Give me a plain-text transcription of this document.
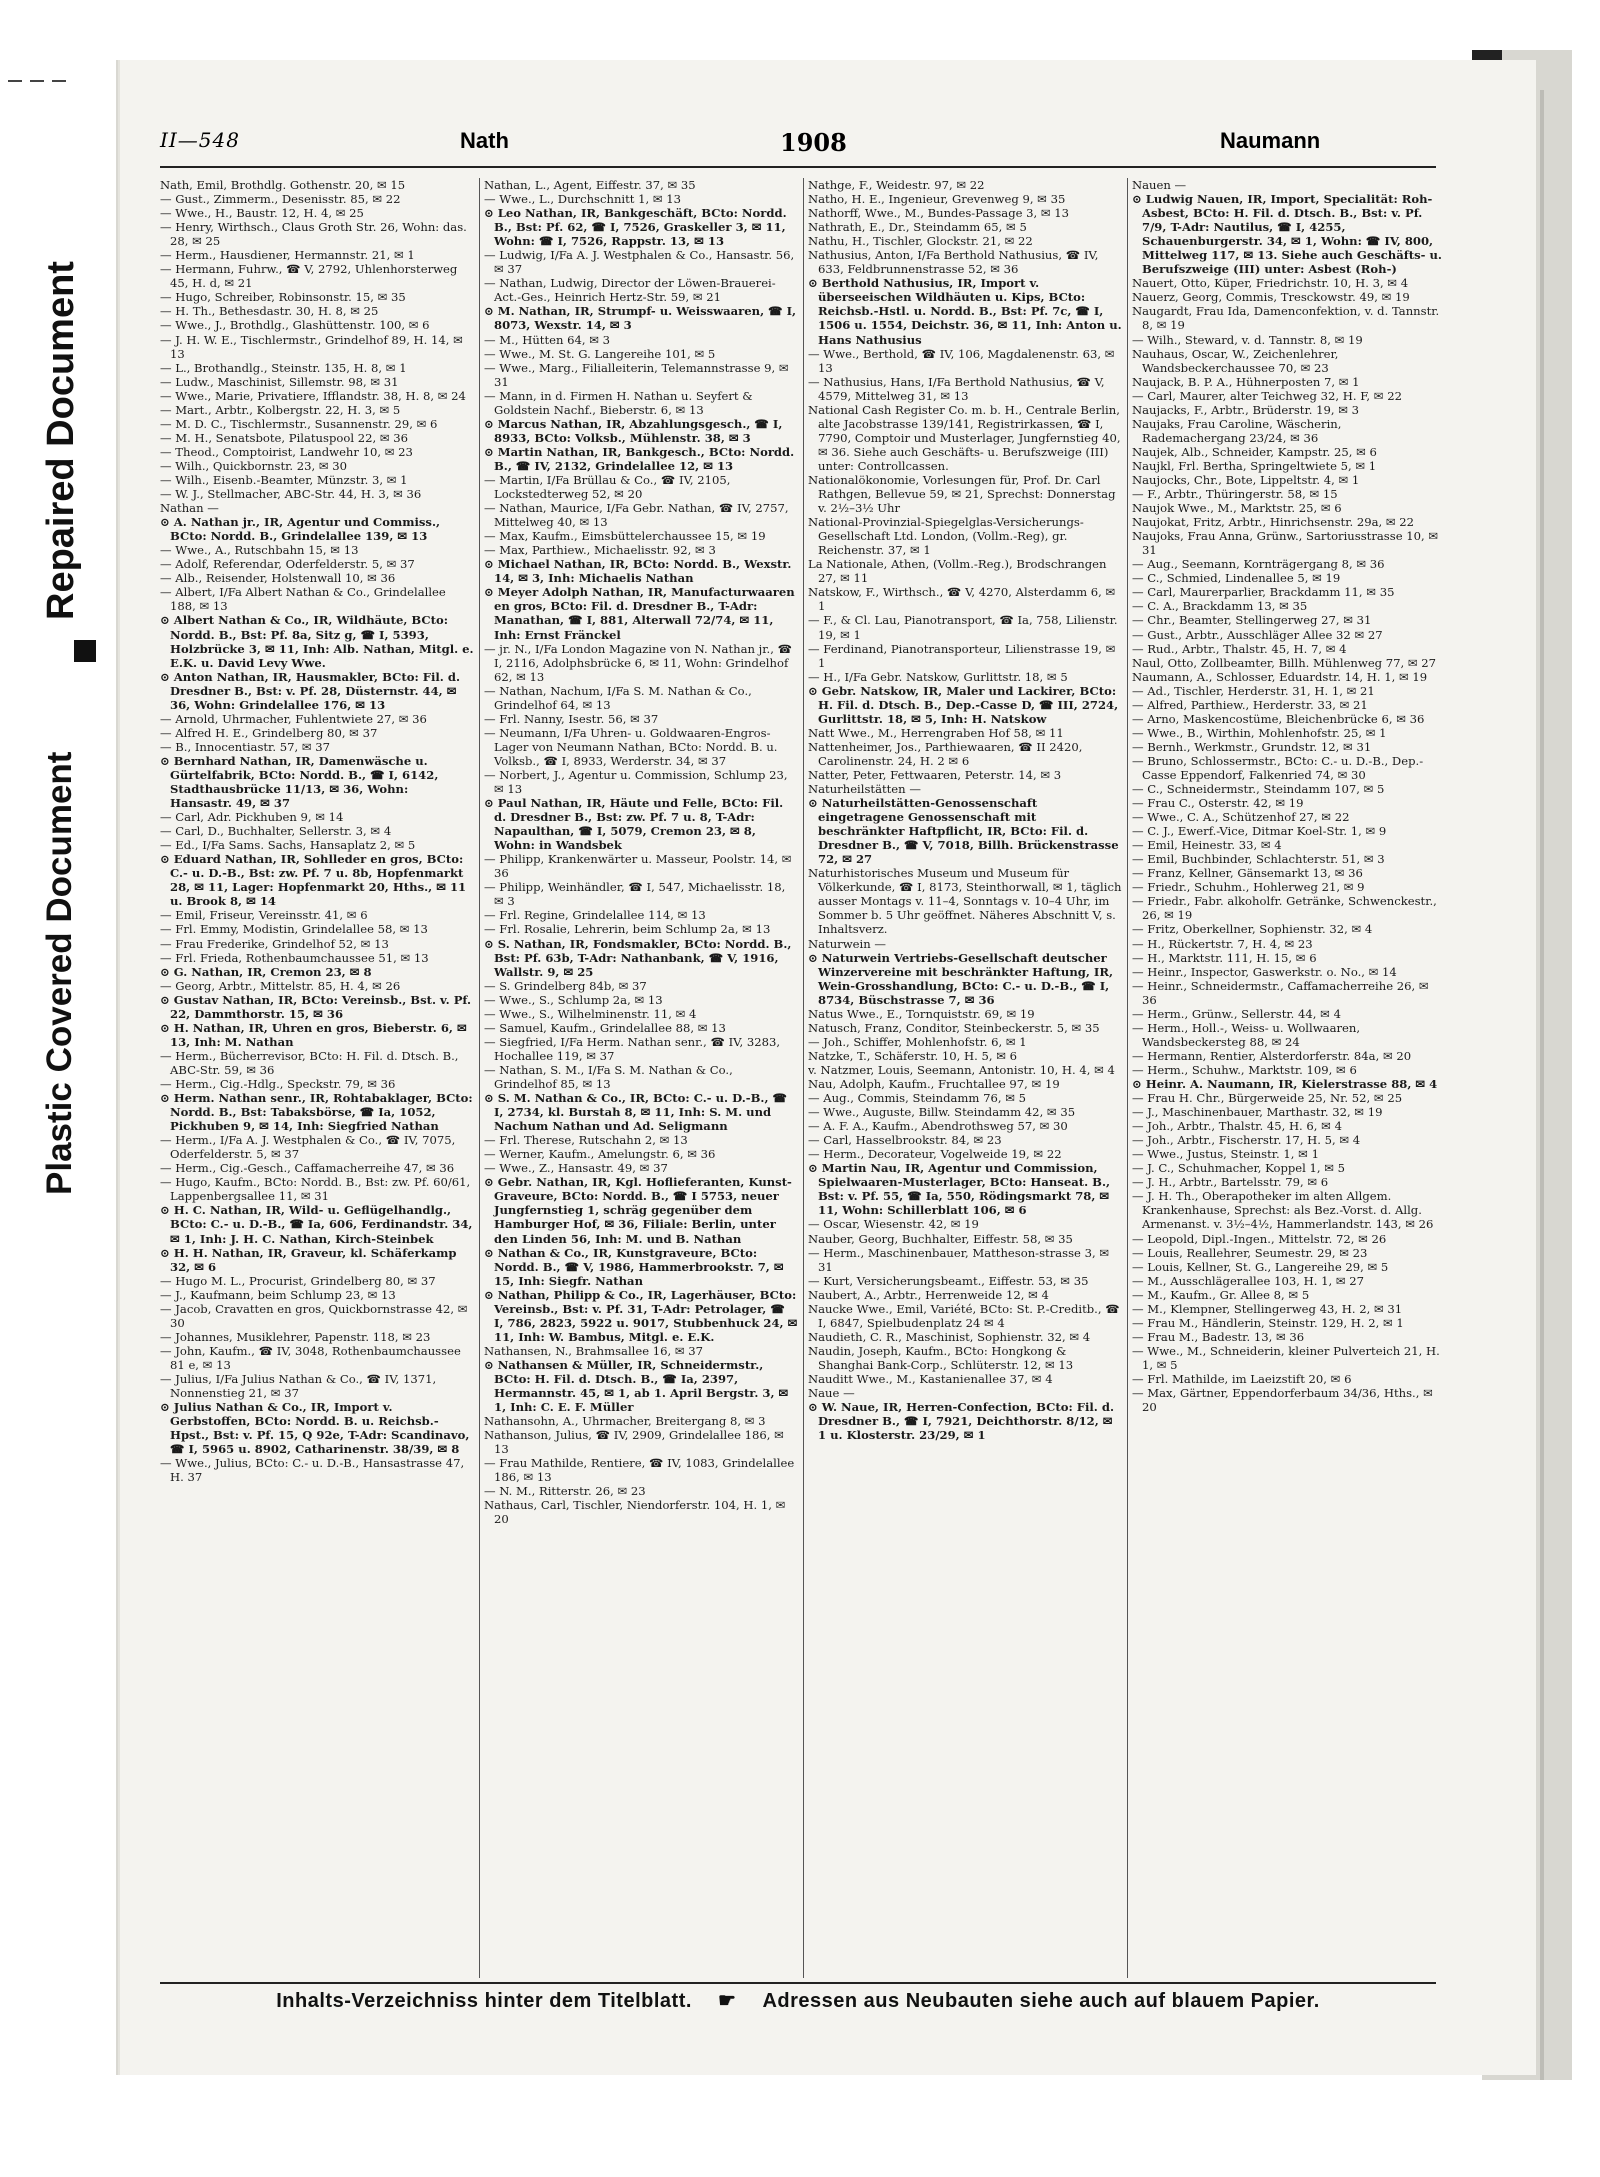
Repaired Document
Plastic Covered Document
II—548	Nath	1908	Naumann

Nath, Emil, Brothdlg. Gothenstr. 20, ✉ 15

— Gust., Zimmerm., Desenisstr. 85, ✉ 22

— Wwe., H., Baustr. 12, H. 4, ✉ 25

— Henry, Wirthsch., Claus Groth Str. 26, Wohn: das. 28, ✉ 25

— Herm., Hausdiener, Hermannstr. 21, ✉ 1

— Hermann, Fuhrw., ☎ V, 2792, Uhlenhorsterweg 45, H. d, ✉ 21

— Hugo, Schreiber, Robinsonstr. 15, ✉ 35

— H. Th., Bethesdastr. 30, H. 8, ✉ 25

— Wwe., J., Brothdlg., Glashüttenstr. 100, ✉ 6

— J. H. W. E., Tischlermstr., Grindelhof 89, H. 14, ✉ 13

— L., Brothandlg., Steinstr. 135, H. 8, ✉ 1

— Ludw., Maschinist, Sillemstr. 98, ✉ 31

— Wwe., Marie, Privatiere, Ifflandstr. 38, H. 8, ✉ 24

— Mart., Arbtr., Kolbergstr. 22, H. 3, ✉ 5

— M. D. C., Tischlermstr., Susannenstr. 29, ✉ 6

— M. H., Senatsbote, Pilatuspool 22, ✉ 36

— Theod., Comptoirist, Landwehr 10, ✉ 23

— Wilh., Quickbornstr. 23, ✉ 30

— Wilh., Eisenb.-Beamter, Münzstr. 3, ✉ 1

— W. J., Stellmacher, ABC-Str. 44, H. 3, ✉ 36

Nathan —

⊙ A. Nathan jr., IR, Agentur und Commiss., BCto: Nordd. B., Grindelallee 139, ✉ 13

— Wwe., A., Rutschbahn 15, ✉ 13

— Adolf, Referendar, Oderfelderstr. 5, ✉ 37

— Alb., Reisender, Holstenwall 10, ✉ 36

— Albert, I/Fa Albert Nathan & Co., Grindelallee 188, ✉ 13

⊙ Albert Nathan & Co., IR, Wildhäute, BCto: Nordd. B., Bst: Pf. 8a, Sitz g, ☎ I, 5393, Holzbrücke 3, ✉ 11, Inh: Alb. Nathan, Mitgl. e. E.K. u. David Levy Wwe.

⊙ Anton Nathan, IR, Hausmakler, BCto: Fil. d. Dresdner B., Bst: v. Pf. 28, Düsternstr. 44, ✉ 36, Wohn: Grindelallee 176, ✉ 13

— Arnold, Uhrmacher, Fuhlentwiete 27, ✉ 36

— Alfred H. E., Grindelberg 80, ✉ 37

— B., Innocentiastr. 57, ✉ 37

⊙ Bernhard Nathan, IR, Damenwäsche u. Gürtelfabrik, BCto: Nordd. B., ☎ I, 6142, Stadthausbrücke 11/13, ✉ 36, Wohn: Hansastr. 49, ✉ 37

— Carl, Adr. Pickhuben 9, ✉ 14

— Carl, D., Buchhalter, Sellerstr. 3, ✉ 4

— Ed., I/Fa Sams. Sachs, Hansaplatz 2, ✉ 5

⊙ Eduard Nathan, IR, Sohlleder en gros, BCto: C.- u. D.-B., Bst: zw. Pf. 7 u. 8b, Hopfenmarkt 28, ✉ 11, Lager: Hopfenmarkt 20, Hths., ✉ 11 u. Brook 8, ✉ 14

— Emil, Friseur, Vereinsstr. 41, ✉ 6

— Frl. Emmy, Modistin, Grindelallee 58, ✉ 13

— Frau Frederike, Grindelhof 52, ✉ 13

— Frl. Frieda, Rothenbaumchaussee 51, ✉ 13

⊙ G. Nathan, IR, Cremon 23, ✉ 8

— Georg, Arbtr., Mittelstr. 85, H. 4, ✉ 26

⊙ Gustav Nathan, IR, BCto: Vereinsb., Bst. v. Pf. 22, Dammthorstr. 15, ✉ 36

⊙ H. Nathan, IR, Uhren en gros, Bieberstr. 6, ✉ 13, Inh: M. Nathan

— Herm., Bücherrevisor, BCto: H. Fil. d. Dtsch. B., ABC-Str. 59, ✉ 36

— Herm., Cig.-Hdlg., Speckstr. 79, ✉ 36

⊙ Herm. Nathan senr., IR, Rohtabaklager, BCto: Nordd. B., Bst: Tabaksbörse, ☎ Ia, 1052, Pickhuben 9, ✉ 14, Inh: Siegfried Nathan

— Herm., I/Fa A. J. Westphalen & Co., ☎ IV, 7075, Oderfelderstr. 5, ✉ 37

— Herm., Cig.-Gesch., Caffamacherreihe 47, ✉ 36

— Hugo, Kaufm., BCto: Nordd. B., Bst: zw. Pf. 60/61, Lappenbergsallee 11, ✉ 31

⊙ H. C. Nathan, IR, Wild- u. Geflügelhandlg., BCto: C.- u. D.-B., ☎ Ia, 606, Ferdinandstr. 34, ✉ 1, Inh: J. H. C. Nathan, Kirch-Steinbek

⊙ H. H. Nathan, IR, Graveur, kl. Schäferkamp 32, ✉ 6

— Hugo M. L., Procurist, Grindelberg 80, ✉ 37

— J., Kaufmann, beim Schlump 23, ✉ 13

— Jacob, Cravatten en gros, Quickbornstrasse 42, ✉ 30

— Johannes, Musiklehrer, Papenstr. 118, ✉ 23

— John, Kaufm., ☎ IV, 3048, Rothenbaumchaussee 81 e, ✉ 13

— Julius, I/Fa Julius Nathan & Co., ☎ IV, 1371, Nonnenstieg 21, ✉ 37

⊙ Julius Nathan & Co., IR, Import v. Gerbstoffen, BCto: Nordd. B. u. Reichsb.-Hpst., Bst: v. Pf. 15, Q 92e, T-Adr: Scandinavo, ☎ I, 5965 u. 8902, Catharinenstr. 38/39, ✉ 8

— Wwe., Julius, BCto: C.- u. D.-B., Hansastrasse 47, H. 37

Nathan, L., Agent, Eiffestr. 37, ✉ 35

— Wwe., L., Durchschnitt 1, ✉ 13

⊙ Leo Nathan, IR, Bankgeschäft, BCto: Nordd. B., Bst: Pf. 62, ☎ I, 7526, Graskeller 3, ✉ 11, Wohn: ☎ I, 7526, Rappstr. 13, ✉ 13

— Ludwig, I/Fa A. J. Westphalen & Co., Hansastr. 56, ✉ 37

— Nathan, Ludwig, Director der Löwen-Brauerei-Act.-Ges., Heinrich Hertz-Str. 59, ✉ 21

⊙ M. Nathan, IR, Strumpf- u. Weisswaaren, ☎ I, 8073, Wexstr. 14, ✉ 3

— M., Hütten 64, ✉ 3

— Wwe., M. St. G. Langereihe 101, ✉ 5

— Wwe., Marg., Filialleiterin, Telemannstrasse 9, ✉ 31

— Mann, in d. Firmen H. Nathan u. Seyfert & Goldstein Nachf., Bieberstr. 6, ✉ 13

⊙ Marcus Nathan, IR, Abzahlungsgesch., ☎ I, 8933, BCto: Volksb., Mühlenstr. 38, ✉ 3

⊙ Martin Nathan, IR, Bankgesch., BCto: Nordd. B., ☎ IV, 2132, Grindelallee 12, ✉ 13

— Martin, I/Fa Brüllau & Co., ☎ IV, 2105, Lockstedterweg 52, ✉ 20

— Nathan, Maurice, I/Fa Gebr. Nathan, ☎ IV, 2757, Mittelweg 40, ✉ 13

— Max, Kaufm., Eimsbüttelerchaussee 15, ✉ 19

— Max, Parthiew., Michaelisstr. 92, ✉ 3

⊙ Michael Nathan, IR, BCto: Nordd. B., Wexstr. 14, ✉ 3, Inh: Michaelis Nathan

⊙ Meyer Adolph Nathan, IR, Manufacturwaaren en gros, BCto: Fil. d. Dresdner B., T-Adr: Manathan, ☎ I, 881, Alterwall 72/74, ✉ 11, Inh: Ernst Fränckel

— jr. N., I/Fa London Magazine von N. Nathan jr., ☎ I, 2116, Adolphsbrücke 6, ✉ 11, Wohn: Grindelhof 62, ✉ 13

— Nathan, Nachum, I/Fa S. M. Nathan & Co., Grindelhof 64, ✉ 13

— Frl. Nanny, Isestr. 56, ✉ 37

— Neumann, I/Fa Uhren- u. Goldwaaren-Engros-Lager von Neumann Nathan, BCto: Nordd. B. u. Volksb., ☎ I, 8933, Werderstr. 34, ✉ 37

— Norbert, J., Agentur u. Commission, Schlump 23, ✉ 13

⊙ Paul Nathan, IR, Häute und Felle, BCto: Fil. d. Dresdner B., Bst: zw. Pf. 7 u. 8, T-Adr: Napaulthan, ☎ I, 5079, Cremon 23, ✉ 8, Wohn: in Wandsbek

— Philipp, Krankenwärter u. Masseur, Poolstr. 14, ✉ 36

— Philipp, Weinhändler, ☎ I, 547, Michaelisstr. 18, ✉ 3

— Frl. Regine, Grindelallee 114, ✉ 13

— Frl. Rosalie, Lehrerin, beim Schlump 2a, ✉ 13

⊙ S. Nathan, IR, Fondsmakler, BCto: Nordd. B., Bst: Pf. 63b, T-Adr: Nathanbank, ☎ V, 1916, Wallstr. 9, ✉ 25

— S. Grindelberg 84b, ✉ 37

— Wwe., S., Schlump 2a, ✉ 13

— Wwe., S., Wilhelminenstr. 11, ✉ 4

— Samuel, Kaufm., Grindelallee 88, ✉ 13

— Siegfried, I/Fa Herm. Nathan senr., ☎ IV, 3283, Hochallee 119, ✉ 37

— Nathan, S. M., I/Fa S. M. Nathan & Co., Grindelhof 85, ✉ 13

⊙ S. M. Nathan & Co., IR, BCto: C.- u. D.-B., ☎ I, 2734, kl. Burstah 8, ✉ 11, Inh: S. M. und Nachum Nathan und Ad. Seligmann

— Frl. Therese, Rutschahn 2, ✉ 13

— Werner, Kaufm., Amelungstr. 6, ✉ 36

— Wwe., Z., Hansastr. 49, ✉ 37

⊙ Gebr. Nathan, IR, Kgl. Hoflieferanten, Kunst-Graveure, BCto: Nordd. B., ☎ I 5753, neuer Jungfernstieg 1, schräg gegenüber dem Hamburger Hof, ✉ 36, Filiale: Berlin, unter den Linden 56, Inh: M. und B. Nathan

⊙ Nathan & Co., IR, Kunstgraveure, BCto: Nordd. B., ☎ V, 1986, Hammerbrookstr. 7, ✉ 15, Inh: Siegfr. Nathan

⊙ Nathan, Philipp & Co., IR, Lagerhäuser, BCto: Vereinsb., Bst: v. Pf. 31, T-Adr: Petrolager, ☎ I, 786, 2823, 5922 u. 9017, Stubbenhuck 24, ✉ 11, Inh: W. Bambus, Mitgl. e. E.K.

Nathansen, N., Brahmsallee 16, ✉ 37

⊙ Nathansen & Müller, IR, Schneidermstr., BCto: H. Fil. d. Dtsch. B., ☎ Ia, 2397, Hermannstr. 45, ✉ 1, ab 1. April Bergstr. 3, ✉ 1, Inh: C. E. F. Müller

Nathansohn, A., Uhrmacher, Breitergang 8, ✉ 3

Nathanson, Julius, ☎ IV, 2909, Grindelallee 186, ✉ 13

— Frau Mathilde, Rentiere, ☎ IV, 1083, Grindelallee 186, ✉ 13

— N. M., Ritterstr. 26, ✉ 23

Nathaus, Carl, Tischler, Niendorferstr. 104, H. 1, ✉ 20

Nathge, F., Weidestr. 97, ✉ 22

Natho, H. E., Ingenieur, Grevenweg 9, ✉ 35

Nathorff, Wwe., M., Bundes-Passage 3, ✉ 13

Nathrath, E., Dr., Steindamm 65, ✉ 5

Nathu, H., Tischler, Glockstr. 21, ✉ 22

Nathusius, Anton, I/Fa Berthold Nathusius, ☎ IV, 633, Feldbrunnenstrasse 52, ✉ 36

⊙ Berthold Nathusius, IR, Import v. überseeischen Wildhäuten u. Kips, BCto: Reichsb.-Hstl. u. Nordd. B., Bst: Pf. 7c, ☎ I, 1506 u. 1554, Deichstr. 36, ✉ 11, Inh: Anton u. Hans Nathusius

— Wwe., Berthold, ☎ IV, 106, Magdalenenstr. 63, ✉ 13

— Nathusius, Hans, I/Fa Berthold Nathusius, ☎ V, 4579, Mittelweg 31, ✉ 13

National Cash Register Co. m. b. H., Centrale Berlin, alte Jacobstrasse 139/141, Registrirkassen, ☎ I, 7790, Comptoir und Musterlager, Jungfernstieg 40, ✉ 36. Siehe auch Geschäfts- u. Berufszweige (III) unter: Controllcassen.

Nationalökonomie, Vorlesungen für, Prof. Dr. Carl Rathgen, Bellevue 59, ✉ 21, Sprechst: Donnerstag v. 2½–3½ Uhr

National-Provinzial-Spiegelglas-Versicherungs-Gesellschaft Ltd. London, (Vollm.-Reg), gr. Reichenstr. 37, ✉ 1

La Nationale, Athen, (Vollm.-Reg.), Brodschrangen 27, ✉ 11

Natskow, F., Wirthsch., ☎ V, 4270, Alsterdamm 6, ✉ 1

— F., & Cl. Lau, Pianotransport, ☎ Ia, 758, Lilienstr. 19, ✉ 1

— Ferdinand, Pianotransporteur, Lilienstrasse 19, ✉ 1

— H., I/Fa Gebr. Natskow, Gurlittstr. 18, ✉ 5

⊙ Gebr. Natskow, IR, Maler und Lackirer, BCto: H. Fil. d. Dtsch. B., Dep.-Casse D, ☎ III, 2724, Gurlittstr. 18, ✉ 5, Inh: H. Natskow

Natt Wwe., M., Herrengraben Hof 58, ✉ 11

Nattenheimer, Jos., Parthiewaaren, ☎ II 2420, Carolinenstr. 24, H. 2 ✉ 6

Natter, Peter, Fettwaaren, Peterstr. 14, ✉ 3

Naturheilstätten —

⊙ Naturheilstätten-Genossenschaft eingetragene Genossenschaft mit beschränkter Haftpflicht, IR, BCto: Fil. d. Dresdner B., ☎ V, 7018, Billh. Brückenstrasse 72, ✉ 27

Naturhistorisches Museum und Museum für Völkerkunde, ☎ I, 8173, Steinthorwall, ✉ 1, täglich ausser Montags v. 11–4, Sonntags v. 10–4 Uhr, im Sommer b. 5 Uhr geöffnet. Näheres Abschnitt V, s. Inhaltsverz.

Naturwein —

⊙ Naturwein Vertriebs-Gesellschaft deutscher Winzervereine mit beschränkter Haftung, IR, Wein-Grosshandlung, BCto: C.- u. D.-B., ☎ I, 8734, Büschstrasse 7, ✉ 36

Natus Wwe., E., Tornquiststr. 69, ✉ 19

Natusch, Franz, Conditor, Steinbeckerstr. 5, ✉ 35

— Joh., Schiffer, Mohlenhofstr. 6, ✉ 1

Natzke, T., Schäferstr. 10, H. 5, ✉ 6

v. Natzmer, Louis, Seemann, Antonistr. 10, H. 4, ✉ 4

Nau, Adolph, Kaufm., Fruchtallee 97, ✉ 19

— Aug., Commis, Steindamm 76, ✉ 5

— Wwe., Auguste, Billw. Steindamm 42, ✉ 35

— A. F. A., Kaufm., Abendrothsweg 57, ✉ 30

— Carl, Hasselbrookstr. 84, ✉ 23

— Herm., Decorateur, Vogelweide 19, ✉ 22

⊙ Martin Nau, IR, Agentur und Commission, Spielwaaren-Musterlager, BCto: Hanseat. B., Bst: v. Pf. 55, ☎ Ia, 550, Rödingsmarkt 78, ✉ 11, Wohn: Schillerblatt 106, ✉ 6

— Oscar, Wiesenstr. 42, ✉ 19

Nauber, Georg, Buchhalter, Eiffestr. 58, ✉ 35

— Herm., Maschinenbauer, Mattheson-strasse 3, ✉ 31

— Kurt, Versicherungsbeamt., Eiffestr. 53, ✉ 35

Naubert, A., Arbtr., Herrenweide 12, ✉ 4

Naucke Wwe., Emil, Variété, BCto: St. P.-Creditb., ☎ I, 6847, Spielbudenplatz 24 ✉ 4

Naudieth, C. R., Maschinist, Sophienstr. 32, ✉ 4

Naudin, Joseph, Kaufm., BCto: Hongkong & Shanghai Bank-Corp., Schlüterstr. 12, ✉ 13

Nauditt Wwe., M., Kastanienallee 37, ✉ 4

Naue —

⊙ W. Naue, IR, Herren-Confection, BCto: Fil. d. Dresdner B., ☎ I, 7921, Deichthorstr. 8/12, ✉ 1 u. Klosterstr. 23/29, ✉ 1

Nauen —

⊙ Ludwig Nauen, IR, Import, Specialität: Roh-Asbest, BCto: H. Fil. d. Dtsch. B., Bst: v. Pf. 7/9, T-Adr: Nautilus, ☎ I, 4255, Schauenburgerstr. 34, ✉ 1, Wohn: ☎ IV, 800, Mittelweg 117, ✉ 13. Siehe auch Geschäfts- u. Berufszweige (III) unter: Asbest (Roh-)

Nauert, Otto, Küper, Friedrichstr. 10, H. 3, ✉ 4

Nauerz, Georg, Commis, Tresckowstr. 49, ✉ 19

Naugardt, Frau Ida, Damenconfektion, v. d. Tannstr. 8, ✉ 19

— Wilh., Steward, v. d. Tannstr. 8, ✉ 19

Nauhaus, Oscar, W., Zeichenlehrer, Wandsbeckerchaussee 70, ✉ 23

Naujack, B. P. A., Hühnerposten 7, ✉ 1

— Carl, Maurer, alter Teichweg 32, H. F, ✉ 22

Naujacks, F., Arbtr., Brüderstr. 19, ✉ 3

Naujaks, Frau Caroline, Wäscherin, Rademachergang 23/24, ✉ 36

Naujek, Alb., Schneider, Kampstr. 25, ✉ 6

Naujkl, Frl. Bertha, Springeltwiete 5, ✉ 1

Naujocks, Chr., Bote, Lippeltstr. 4, ✉ 1

— F., Arbtr., Thüringerstr. 58, ✉ 15

Naujok Wwe., M., Marktstr. 25, ✉ 6

Naujokat, Fritz, Arbtr., Hinrichsenstr. 29a, ✉ 22

Naujoks, Frau Anna, Grünw., Sartoriusstrasse 10, ✉ 31

— Aug., Seemann, Kornträgergang 8, ✉ 36

— C., Schmied, Lindenallee 5, ✉ 19

— Carl, Maurerparlier, Brackdamm 11, ✉ 35

— C. A., Brackdamm 13, ✉ 35

— Chr., Beamter, Stellingerweg 27, ✉ 31

— Gust., Arbtr., Ausschläger Allee 32 ✉ 27

— Rud., Arbtr., Thalstr. 45, H. 7, ✉ 4

Naul, Otto, Zollbeamter, Billh. Mühlenweg 77, ✉ 27

Naumann, A., Schlosser, Eduardstr. 14, H. 1, ✉ 19

— Ad., Tischler, Herderstr. 31, H. 1, ✉ 21

— Alfred, Parthiew., Herderstr. 33, ✉ 21

— Arno, Maskencostüme, Bleichenbrücke 6, ✉ 36

— Wwe., B., Wirthin, Mohlenhofstr. 25, ✉ 1

— Bernh., Werkmstr., Grundstr. 12, ✉ 31

— Bruno, Schlossermstr., BCto: C.- u. D.-B., Dep.-Casse Eppendorf, Falkenried 74, ✉ 30

— C., Schneidermstr., Steindamm 107, ✉ 5

— Frau C., Osterstr. 42, ✉ 19

— Wwe., C. A., Schützenhof 27, ✉ 22

— C. J., Ewerf.-Vice, Ditmar Koel-Str. 1, ✉ 9

— Emil, Heinestr. 33, ✉ 4

— Emil, Buchbinder, Schlachterstr. 51, ✉ 3

— Franz, Kellner, Gänsemarkt 13, ✉ 36

— Friedr., Schuhm., Hohlerweg 21, ✉ 9

— Friedr., Fabr. alkoholfr. Getränke, Schwenckestr., 26, ✉ 19

— Fritz, Oberkellner, Sophienstr. 32, ✉ 4

— H., Rückertstr. 7, H. 4, ✉ 23

— H., Marktstr. 111, H. 15, ✉ 6

— Heinr., Inspector, Gaswerkstr. o. No., ✉ 14

— Heinr., Schneidermstr., Caffamacherreihe 26, ✉ 36

— Herm., Grünw., Sellerstr. 44, ✉ 4

— Herm., Holl.-, Weiss- u. Wollwaaren, Wandsbeckersteg 88, ✉ 24

— Hermann, Rentier, Alsterdorferstr. 84a, ✉ 20

— Herm., Schuhw., Marktstr. 109, ✉ 6

⊙ Heinr. A. Naumann, IR, Kielerstrasse 88, ✉ 4

— Frau H. Chr., Bürgerweide 25, Nr. 52, ✉ 25

— J., Maschinenbauer, Marthastr. 32, ✉ 19

— Joh., Arbtr., Thalstr. 45, H. 6, ✉ 4

— Joh., Arbtr., Fischerstr. 17, H. 5, ✉ 4

— Wwe., Justus, Steinstr. 1, ✉ 1

— J. C., Schuhmacher, Koppel 1, ✉ 5

— J. H., Arbtr., Bartelsstr. 79, ✉ 6

— J. H. Th., Oberapotheker im alten Allgem. Krankenhause, Sprechst: als Bez.-Vorst. d. Allg. Armenanst. v. 3½–4½, Hammerlandstr. 143, ✉ 26

— Leopold, Dipl.-Ingen., Mittelstr. 72, ✉ 26

— Louis, Reallehrer, Seumestr. 29, ✉ 23

— Louis, Kellner, St. G., Langereihe 29, ✉ 5

— M., Ausschlägerallee 103, H. 1, ✉ 27

— M., Kaufm., Gr. Allee 8, ✉ 5

— M., Klempner, Stellingerweg 43, H. 2, ✉ 31

— Frau M., Händlerin, Steinstr. 129, H. 2, ✉ 1

— Frau M., Badestr. 13, ✉ 36

— Wwe., M., Schneiderin, kleiner Pulverteich 21, H. 1, ✉ 5

— Frl. Mathilde, im Laeizstift 20, ✉ 6

— Max, Gärtner, Eppendorferbaum 34/36, Hths., ✉ 20

Inhalts-Verzeichniss hinter dem Titelblatt. ☛ Adressen aus Neubauten siehe auch auf blauem Papier.
